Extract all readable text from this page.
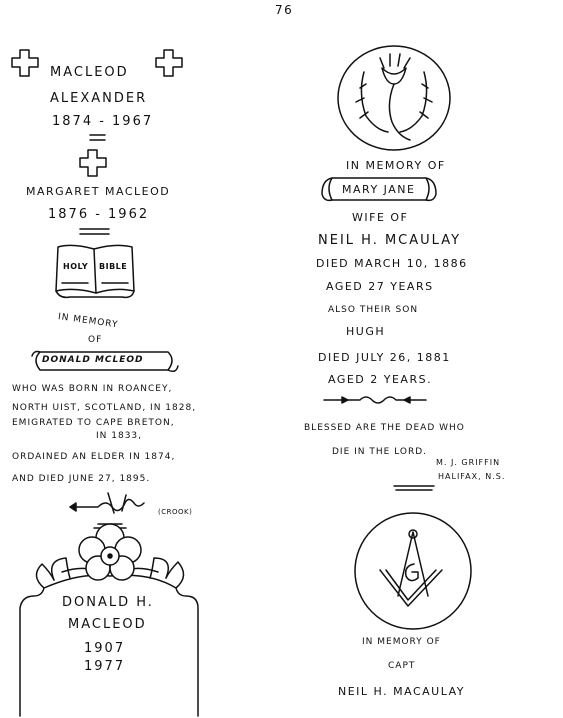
76
MACLEOD
ALEXANDER
1874 - 1967
MARGARET MACLEOD
1876 - 1962
HOLY BIBLE
IN MEMORY
OF
DONALD MCLEOD
WHO WAS BORN IN ROANCEY,
NORTH UIST, SCOTLAND, IN 1828,
EMIGRATED TO CAPE BRETON,
IN 1833,
ORDAINED AN ELDER IN 1874,
AND DIED JUNE 27, 1895.
(CROOK)
DONALD H.
MACLEOD
1907
1977
IN MEMORY OF
MARY JANE
WIFE OF
NEIL H. MCAULAY
DIED MARCH 10, 1886
AGED 27 YEARS
ALSO THEIR SON
HUGH
DIED JULY 26, 1881
AGED 2 YEARS.
BLESSED ARE THE DEAD WHO
DIE IN THE LORD.
M. J. GRIFFIN
HALIFAX, N.S.
IN MEMORY OF
CAPT
NEIL H. MACAULAY
